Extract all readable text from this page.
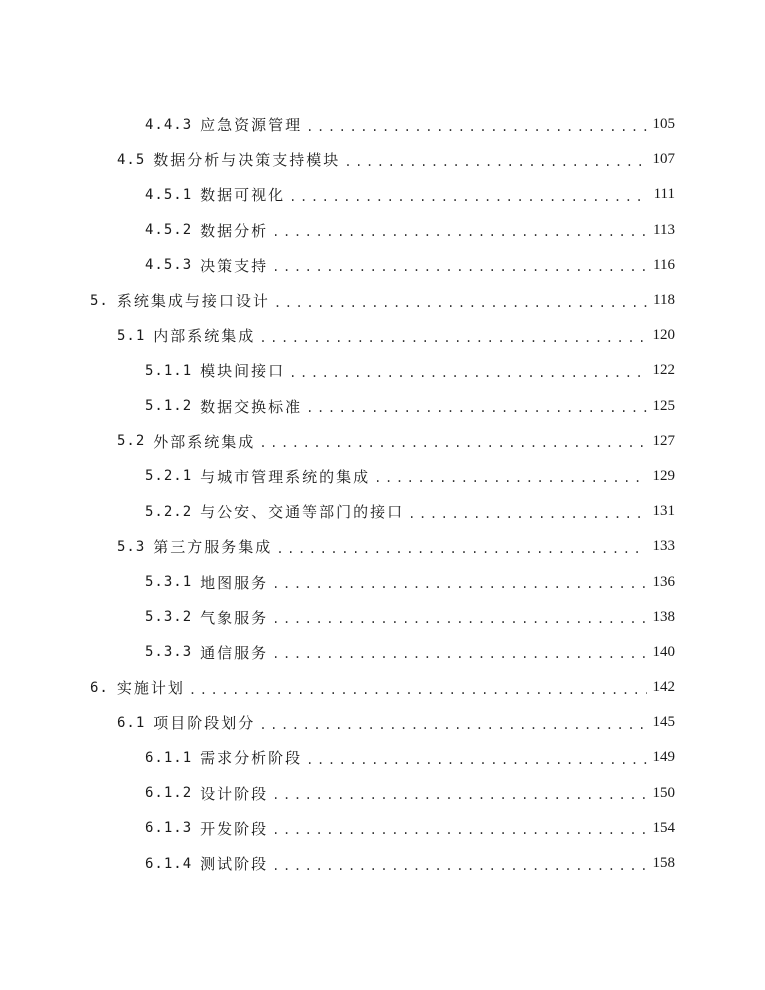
4.4.3 应急资源管理 .....	105
4.5 数据分析与决策支持模块 .....	107
4.5.1 数据可视化 .....	111
4.5.2 数据分析 .....	113
4.5.3 决策支持 .....	116
5. 系统集成与接口设计 .....	118
5.1 内部系统集成 .....	120
5.1.1 模块间接口 .....	122
5.1.2 数据交换标准 .....	125
5.2 外部系统集成 .....	127
5.2.1 与城市管理系统的集成 .....	129
5.2.2 与公安、交通等部门的接口 .....	131
5.3 第三方服务集成 .....	133
5.3.1 地图服务 .....	136
5.3.2 气象服务 .....	138
5.3.3 通信服务 .....	140
6. 实施计划 .....	142
6.1 项目阶段划分 .....	145
6.1.1 需求分析阶段 .....	149
6.1.2 设计阶段 .....	150
6.1.3 开发阶段 .....	154
6.1.4 测试阶段 .....	158
